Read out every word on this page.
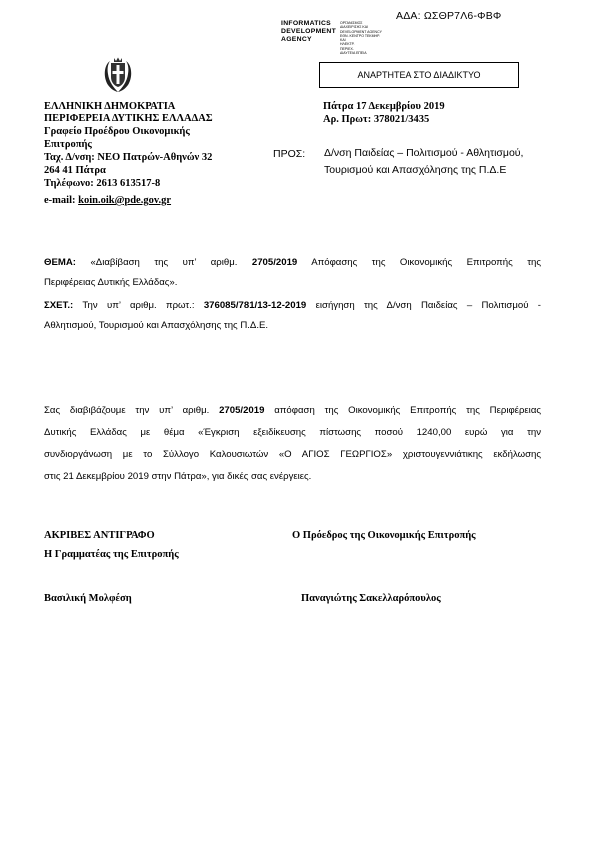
ΑΔΑ: ΩΣΘΡ7Λ6-ΦΒΦ
INFORMATICS
DEVELOPMENT
AGENCY
ΟΡΓΑΝΙΣΜΟΣ
ΔΙΑΧΕΙΡΙΣΗΣ ΚΑΙ
DEVELOPMENT AGENCY
ΕΘΝ. ΚΕΝΤΡΟ ΤΕΚΜΗΡ.
ΚΑΙ
ΗΛΕΚΤΡ.
ΠΕΡΙΕΧ.
ΔΙΑΥΓΕΙΑ ΕΠΕΙΑ
ΑΝΑΡΤΗΤΕΑ ΣΤΟ ΔΙΑΔΙΚΤΥΟ
ΕΛΛΗΝΙΚΗ ΔΗΜΟΚΡΑΤΙΑ
ΠΕΡΙΦΕΡΕΙΑ ΔΥΤΙΚΗΣ ΕΛΛΑΔΑΣ
Γραφείο Προέδρου Οικονομικής
Επιτροπής
Ταχ. Δ/νση: ΝΕΟ Πατρών-Αθηνών 32
264 41 Πάτρα
Τηλέφωνο: 2613 613517-8
e-mail: koin.oik@pde.gov.gr
Πάτρα 17 Δεκεμβρίου 2019
Αρ. Πρωτ: 378021/3435
ΠΡΟΣ: Δ/νση Παιδείας – Πολιτισμού - Αθλητισμού,
Τουρισμού και Απασχόλησης της Π.Δ.Ε
ΘΕΜΑ: «Διαβίβαση της υπ’ αριθμ. 2705/2019 Απόφασης της Οικονομικής Επιτροπής της
Περιφέρειας Δυτικής Ελλάδας».
ΣΧΕΤ.: Την υπ’ αριθμ. πρωτ.: 376085/781/13-12-2019 εισήγηση της Δ/νση Παιδείας – Πολιτισμού -
Αθλητισμού, Τουρισμού και Απασχόλησης της Π.Δ.Ε.
Σας διαβιβάζουμε την υπ’ αριθμ. 2705/2019 απόφαση της Οικονομικής Επιτροπής της Περιφέρειας
Δυτικής Ελλάδας με θέμα «Έγκριση εξειδίκευσης πίστωσης ποσού 1240,00 ευρώ για την
συνδιοργάνωση με το Σύλλογο Καλουσιωτών «Ο ΑΓΙΟΣ ΓΕΩΡΓΙΟΣ» χριστουγεννιάτικης εκδήλωσης
στις 21 Δεκεμβρίου 2019 στην Πάτρα», για δικές σας ενέργειες.
ΑΚΡΙΒΕΣ ΑΝΤΙΓΡΑΦΟ
Η Γραμματέας της Επιτροπής
Ο Πρόεδρος της Οικονομικής Επιτροπής
Βασιλική Μολφέση	Παναγιώτης Σακελλαρόπουλος
